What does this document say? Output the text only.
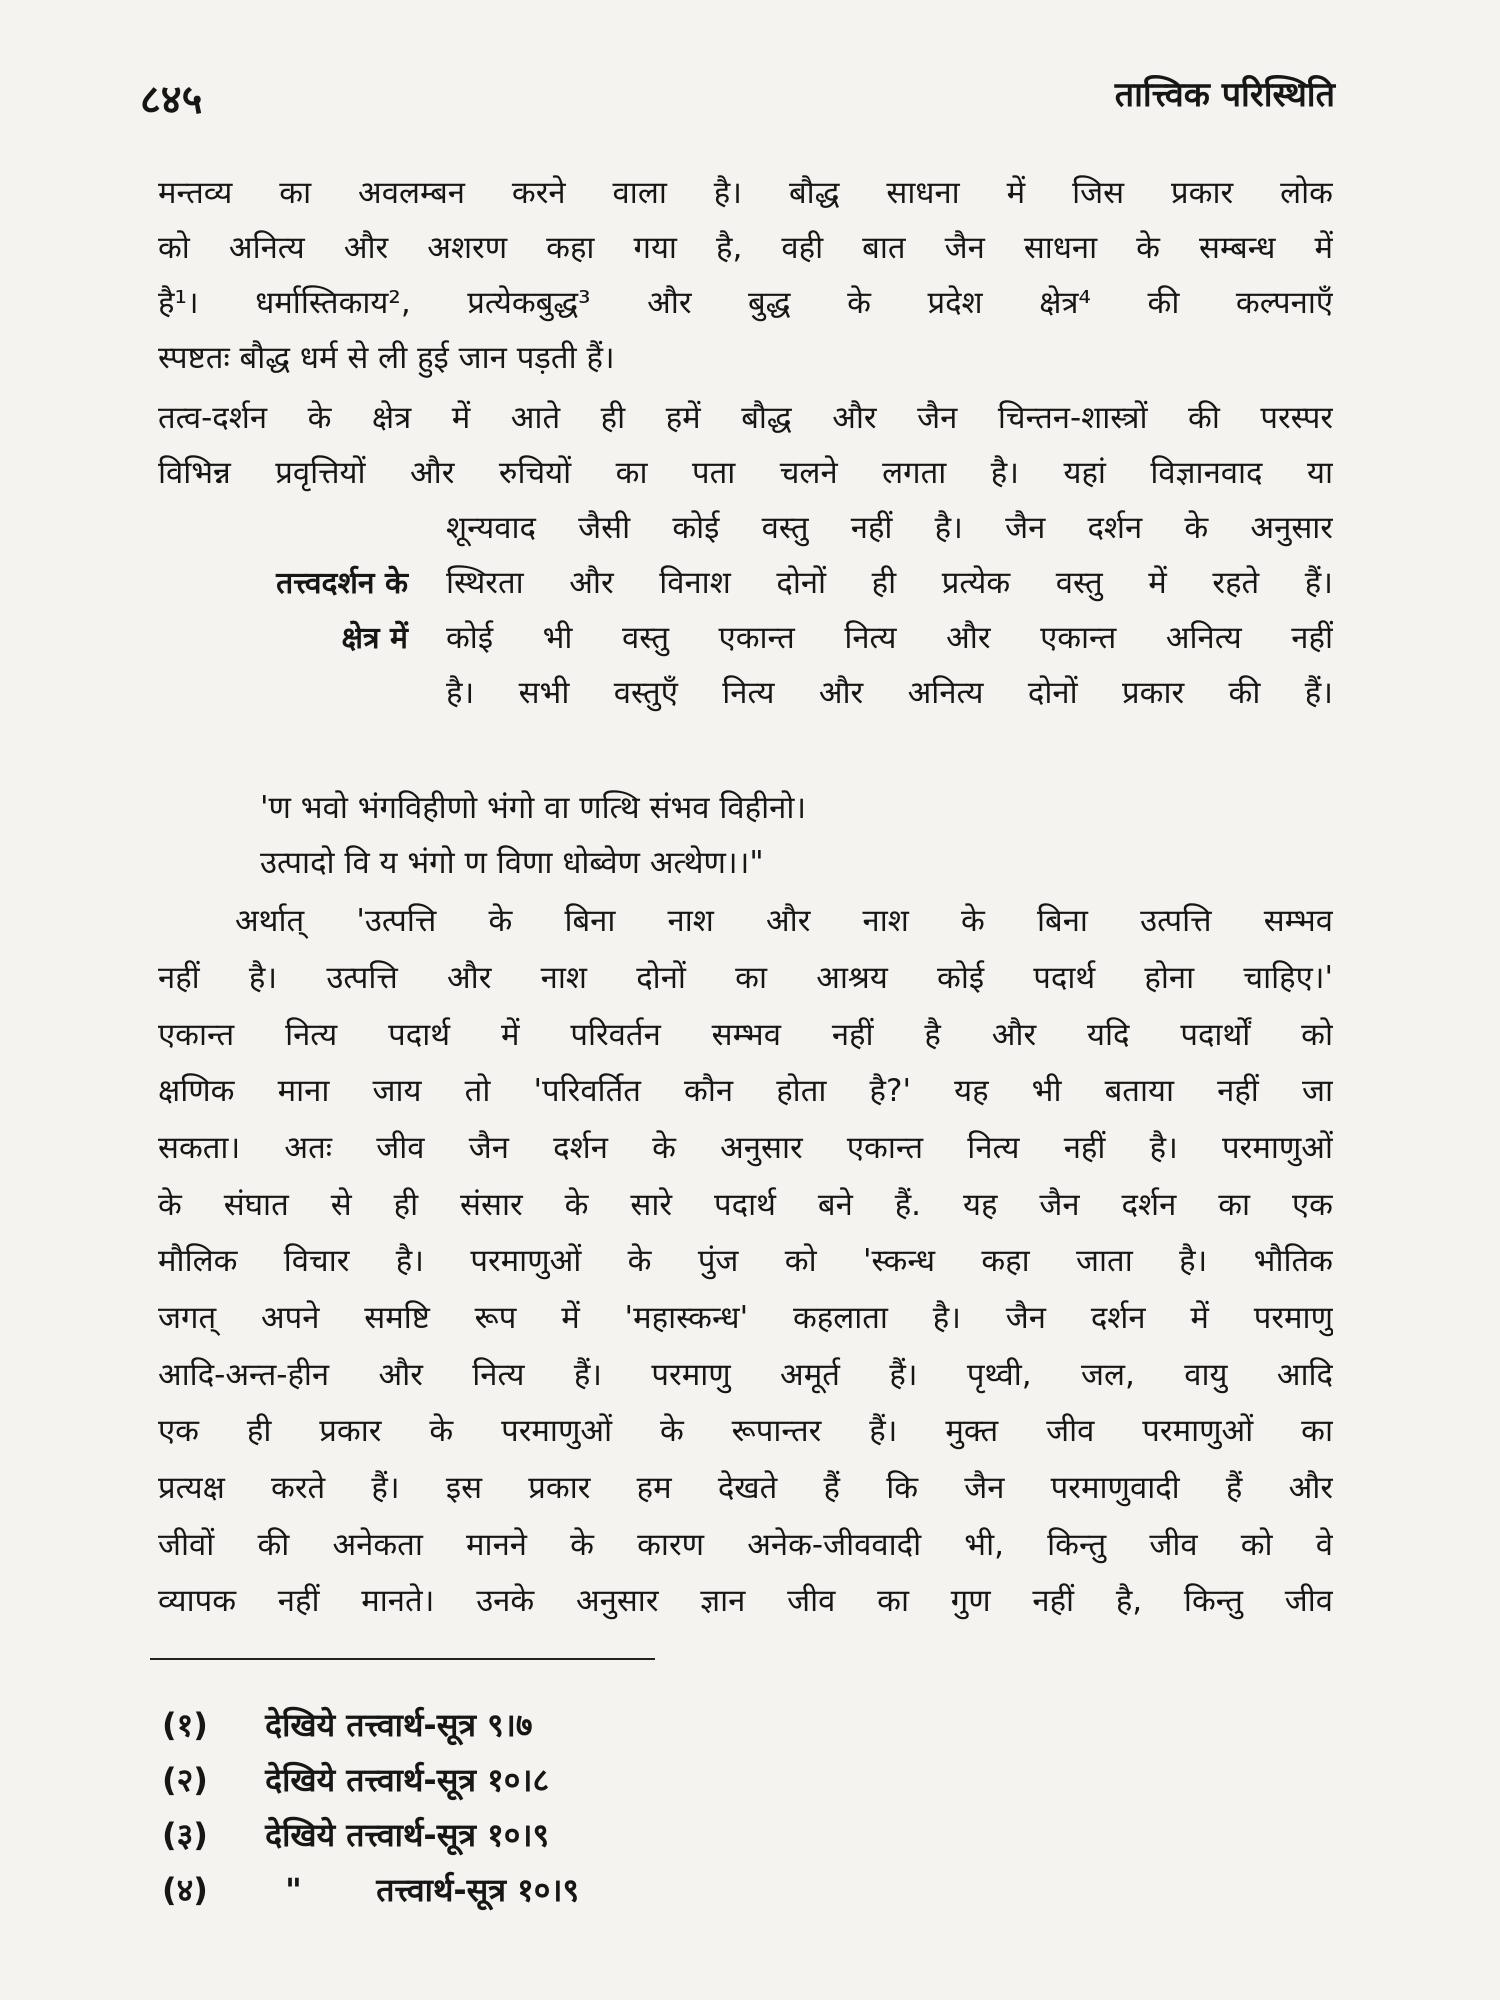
८४५	तात्त्विक परिस्थिति
मन्तव्य का अवलम्बन करने वाला है। बौद्ध साधना में जिस प्रकार लोक
को अनित्य और अशरण कहा गया है, वही बात जैन साधना के सम्बन्ध में
है¹। धर्मास्तिकाय², प्रत्येकबुद्ध³ और बुद्ध के प्रदेश क्षेत्र⁴ की कल्पनाएँ
स्पष्टतः बौद्ध धर्म से ली हुई जान पड़ती हैं।
तत्व-दर्शन के क्षेत्र में आते ही हमें बौद्ध और जैन चिन्तन-शास्त्रों की परस्पर
विभिन्न प्रवृत्तियों और रुचियों का पता चलने लगता है। यहां विज्ञानवाद या
तत्त्वदर्शन के
क्षेत्र में
शून्यवाद जैसी कोई वस्तु नहीं है। जैन दर्शन के अनुसार
स्थिरता और विनाश दोनों ही प्रत्येक वस्तु में रहते हैं।
कोई भी वस्तु एकान्त नित्य और एकान्त अनित्य नहीं
है। सभी वस्तुएँ नित्य और अनित्य दोनों प्रकार की हैं।
'ण भवो भंगविहीणो भंगो वा णत्थि संभव विहीनो।
उत्पादो वि य भंगो ण विणा धोब्वेण अत्थेण।।"
अर्थात् 'उत्पत्ति के बिना नाश और नाश के बिना उत्पत्ति सम्भव
नहीं है। उत्पत्ति और नाश दोनों का आश्रय कोई पदार्थ होना चाहिए।'
एकान्त नित्य पदार्थ में परिवर्तन सम्भव नहीं है और यदि पदार्थों को
क्षणिक माना जाय तो 'परिवर्तित कौन होता है?' यह भी बताया नहीं जा
सकता। अतः जीव जैन दर्शन के अनुसार एकान्त नित्य नहीं है। परमाणुओं
के संघात से ही संसार के सारे पदार्थ बने हैं. यह जैन दर्शन का एक
मौलिक विचार है। परमाणुओं के पुंज को 'स्कन्ध कहा जाता है। भौतिक
जगत् अपने समष्टि रूप में 'महास्कन्ध' कहलाता है। जैन दर्शन में परमाणु
आदि-अन्त-हीन और नित्य हैं। परमाणु अमूर्त हैं। पृथ्वी, जल, वायु आदि
एक ही प्रकार के परमाणुओं के रूपान्तर हैं। मुक्त जीव परमाणुओं का
प्रत्यक्ष करते हैं। इस प्रकार हम देखते हैं कि जैन परमाणुवादी हैं और
जीवों की अनेकता मानने के कारण अनेक-जीववादी भी, किन्तु जीव को वे
व्यापक नहीं मानते। उनके अनुसार ज्ञान जीव का गुण नहीं है, किन्तु जीव
(१) देखिये तत्त्वार्थ-सूत्र ९।७
(२) देखिये तत्त्वार्थ-सूत्र १०।८
(३) देखिये तत्त्वार्थ-सूत्र १०।९
(४) " तत्त्वार्थ-सूत्र १०।९
